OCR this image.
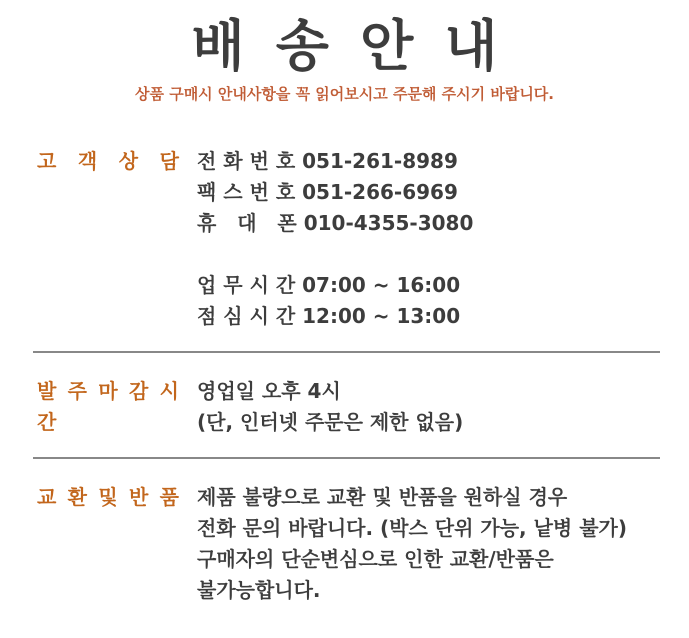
배 송 안 내

상품 구매시 안내사항을 꼭 읽어보시고 주문해 주시기 바랍니다.

고 객 상 담 전 화 번 호 051-261-8989
팩 스 번 호 051-266-6969
휴   대   폰 010-4355-3080
업 무 시 간 07:00 ~ 16:00
점 심 시 간 12:00 ~ 13:00
발 주 마 감 시 간
영업일 오후 4시
(단, 인터넷 주문은 제한 없음)
교 환 및 반 품 제품 불량으로 교환 및 반품을 원하실 경우
전화 문의 바랍니다. (박스 단위 가능, 낱병 불가)
구매자의 단순변심으로 인한 교환/반품은
불가능합니다.
